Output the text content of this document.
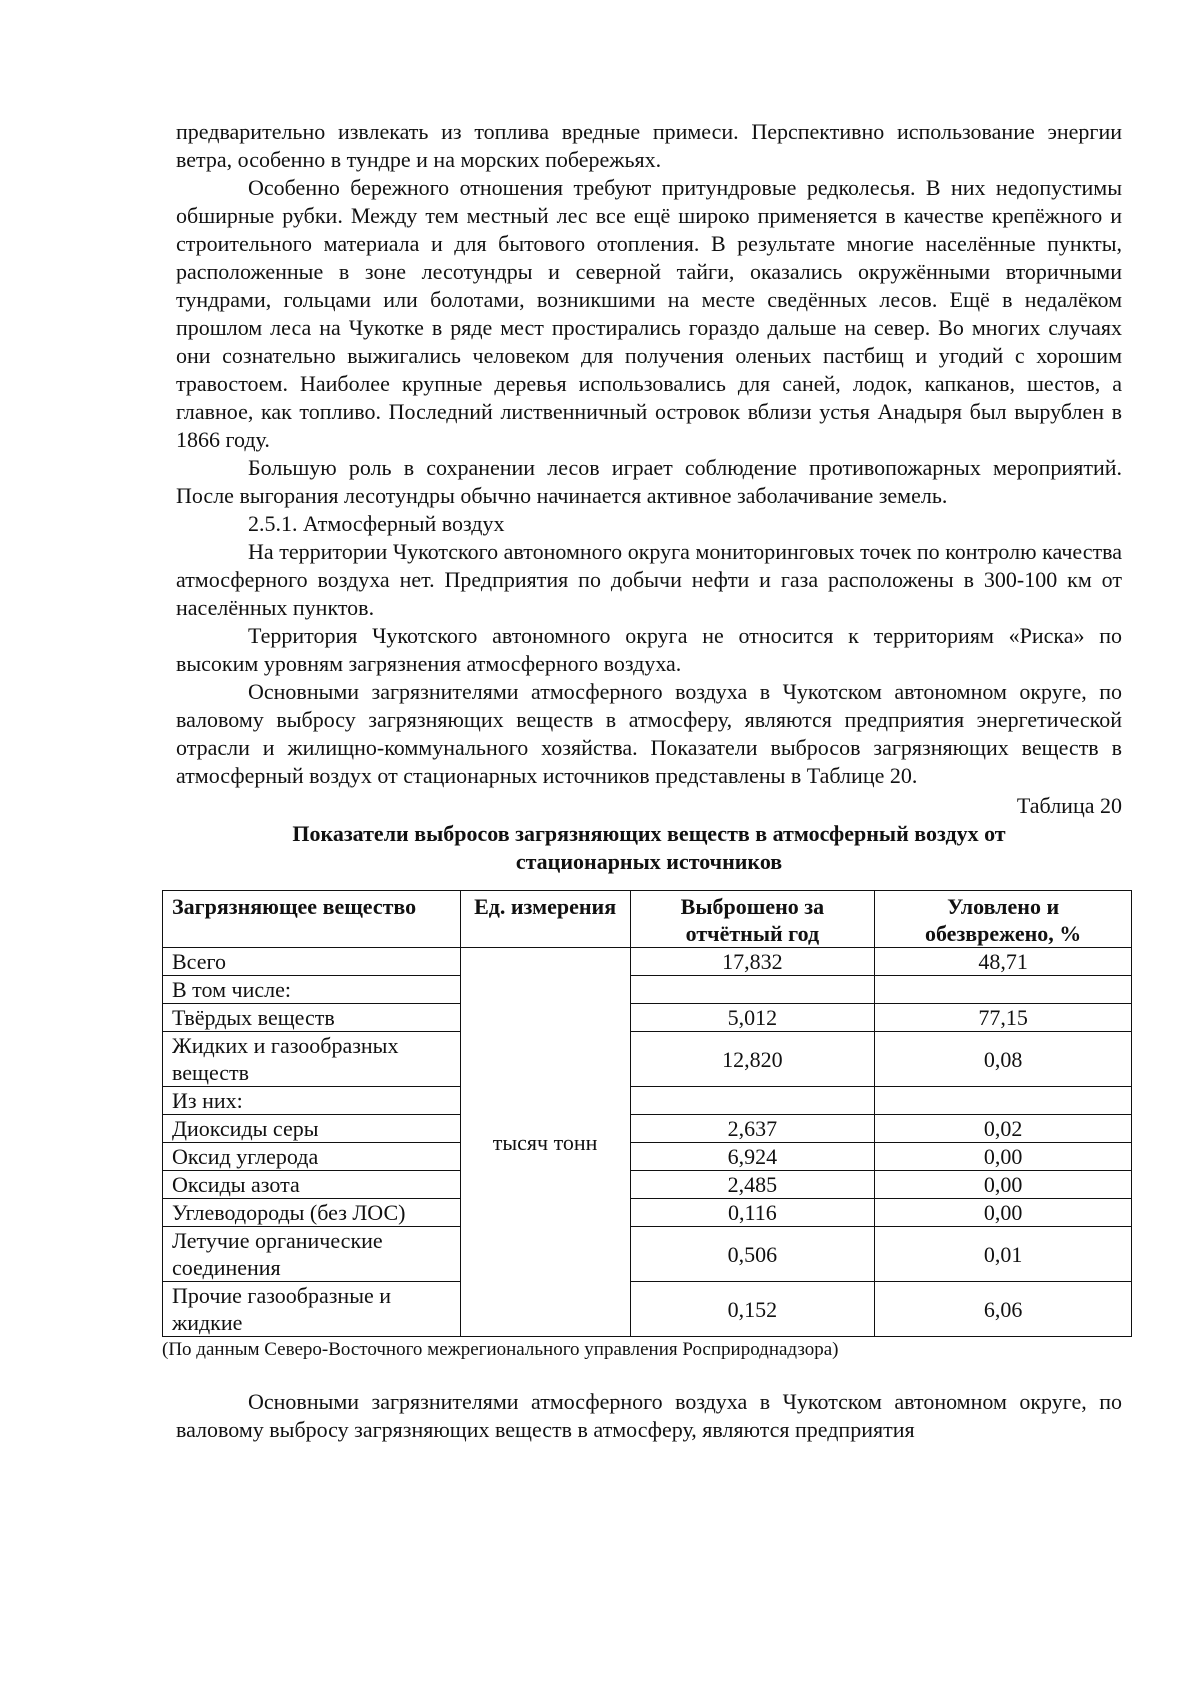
предварительно извлекать из топлива вредные примеси. Перспективно использование энергии ветра, особенно в тундре и на морских побережьях.

Особенно бережного отношения требуют притундровые редколесья. В них недопустимы обширные рубки. Между тем местный лес все ещё широко применяется в качестве крепёжного и строительного материала и для бытового отопления. В результате многие населённые пункты, расположенные в зоне лесотундры и северной тайги, оказались окружёнными вторичными тундрами, гольцами или болотами, возникшими на месте сведённых лесов. Ещё в недалёком прошлом леса на Чукотке в ряде мест простирались гораздо дальше на север. Во многих случаях они сознательно выжигались человеком для получения оленьих пастбищ и угодий с хорошим травостоем. Наиболее крупные деревья использовались для саней, лодок, капканов, шестов, а главное, как топливо. Последний лиственничный островок вблизи устья Анадыря был вырублен в 1866 году.

Большую роль в сохранении лесов играет соблюдение противопожарных мероприятий. После выгорания лесотундры обычно начинается активное заболачивание земель.

2.5.1. Атмосферный воздух

На территории Чукотского автономного округа мониторинговых точек по контролю качества атмосферного воздуха нет. Предприятия по добычи нефти и газа расположены в 300-100 км от населённых пунктов.

Территория Чукотского автономного округа не относится к территориям «Риска» по высоким уровням загрязнения атмосферного воздуха.

Основными загрязнителями атмосферного воздуха в Чукотском автономном округе, по валовому выбросу загрязняющих веществ в атмосферу, являются предприятия энергетической отрасли и жилищно-коммунального хозяйства. Показатели выбросов загрязняющих веществ в атмосферный воздух от стационарных источников представлены в Таблице 20.

Таблица 20

Показатели выбросов загрязняющих веществ в атмосферный воздух от стационарных источников

Загрязняющее вещество	Ед. измерения	Выброшено за отчётный год	Уловлено и обезврежено, %
Всего	тысяч тонн	17,832	48,71
В том числе:			
Твёрдых веществ		5,012	77,15
Жидких и газообразных веществ		12,820	0,08
Из них:			
Диоксиды серы		2,637	0,02
Оксид углерода		6,924	0,00
Оксиды азота		2,485	0,00
Углеводороды (без ЛОС)		0,116	0,00
Летучие органические соединения		0,506	0,01
Прочие газообразные и жидкие		0,152	6,06

(По данным Северо-Восточного межрегионального управления Росприроднадзора)

Основными загрязнителями атмосферного воздуха в Чукотском автономном округе, по валовому выбросу загрязняющих веществ в атмосферу, являются предприятия
